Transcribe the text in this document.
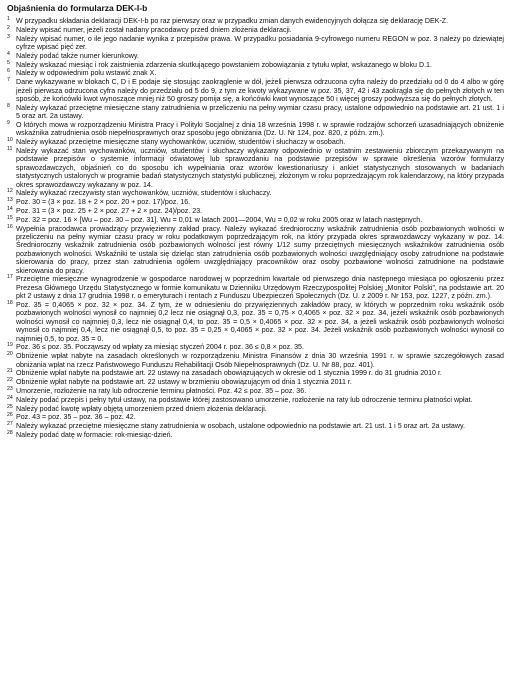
Objaśnienia do formularza DEK-I-b
1 W przypadku składania deklaracji DEK-I-b po raz pierwszy oraz w przypadku zmian danych ewidencyjnych dołącza się deklarację DEK-Z.
2 Należy wpisać numer, jeżeli został nadany pracodawcy przed dniem złożenia deklaracji.
3 Należy wpisać numer, o ile jego nadanie wynika z przepisów prawa. W przypadku posiadania 9-cyfrowego numeru REGON w poz. 3 należy po dziewiątej cyfrze wpisać pięć zer.
4 Należy podać także numer kierunkowy.
5 Należy wskazać miesiąc i rok zaistnienia zdarzenia skutkującego powstaniem zobowiązania z tytułu wpłat, wskazanego w bloku D.1.
6 Należy w odpowiednim polu wstawić znak X.
7 Dane wykazywane w blokach C, D i E podaje się stosując zaokrąglenie w dół, jeżeli pierwsza odrzucona cyfra należy do przedziału od 0 do 4 albo w górę jeżeli pierwsza odrzucona cyfra należy do przedziału od 5 do 9, z tym że kwoty wykazywane w poz. 35, 37, 42 i 43 zaokrągla się do pełnych złotych w ten sposób, że końcówki kwot wynoszące mniej niż 50 groszy pomija się, a końcówki kwot wynoszące 50 i więcej groszy podwyższa się do pełnych złotych.
8 Należy wykazać przeciętne miesięczne stany zatrudnienia w przeliczeniu na pełny wymiar czasu pracy, ustalone odpowiednio na podstawie art. 21 ust. 1 i 5 oraz art. 2a ustawy.
9 O których mowa w rozporządzeniu Ministra Pracy i Polityki Socjalnej z dnia 18 września 1998 r. w sprawie rodzajów schorzeń uzasadniających obniżenie wskaźnika zatrudnienia osób niepełnosprawnych oraz sposobu jego obniżania (Dz. U. Nr 124, poz. 820, z późn. zm.).
10 Należy wykazać przeciętne miesięczne stany wychowanków, uczniów, studentów i słuchaczy w osobach.
11 Należy wykazać stan wychowanków, uczniów, studentów i słuchaczy wykazany odpowiednio w ostatnim zestawieniu zbiorczym przekazywanym na podstawie przepisów o systemie informacji oświatowej lub sprawozdaniu na podstawie przepisów w sprawie określenia wzorów formularzy sprawozdawczych, objaśnień co do sposobu ich wypełniania oraz wzorów kwestionariuszy i ankiet statystycznych stosowanych w badaniach statystycznych ustalonych w programie badań statystycznych statystyki publicznej, złożonym w roku poprzedzającym rok kalendarzowy, na który przypada okres sprawozdawczy wykazany w poz. 14.
12 Należy wykazać rzeczywisty stan wychowanków, uczniów, studentów i słuchaczy.
13 Poz. 30 = (3 × poz. 18 + 2 × poz. 20 + poz. 17)/poz. 16.
14 Poz. 31 = (3 × poz. 25 + 2 × poz. 27 + 2 × poz. 24)/poz. 23.
15 Poz. 32 = poz. 16 × [Wu – poz. 30 – poz. 31]. Wu = 0,01 w latach 2001—2004, Wu = 0,02 w roku 2005 oraz w latach następnych.
16 Wypełnia pracodawca prowadzący przywięzienny zakład pracy. Należy wykazać średnioroczny wskaźnik zatrudnienia osób pozbawionych wolności w przeliczeniu na pełny wymiar czasu pracy w roku podatkowym poprzedzającym rok, na który przypada okres sprawozdawczy wykazany w poz. 14. Średnioroczny wskaźnik zatrudnienia osób pozbawionych wolności jest równy 1/12 sumy przeciętnych miesięcznych wskaźników zatrudnienia osób pozbawionych wolności. Wskaźniki te ustala się dzieląc stan zatrudnienia osób pozbawionych wolności uwzględniający osoby zatrudnione na podstawie skierowania do pracy, przez stan zatrudnienia ogółem uwzględniający pracowników oraz osoby pozbawione wolności zatrudnione na podstawie skierowania do pracy.
17 Przeciętne miesięczne wynagrodzenie w gospodarce narodowej w poprzednim kwartale od pierwszego dnia następnego miesiąca po ogłoszeniu przez Prezesa Głównego Urzędu Statystycznego w formie komunikatu w Dzienniku Urzędowym Rzeczypospolitej Polskiej „Monitor Polski”, na podstawie art. 20 pkt 2 ustawy z dnia 17 grudnia 1998 r. o emeryturach i rentach z Funduszu Ubezpieczeń Społecznych (Dz. U. z 2009 r. Nr 153, poz. 1227, z późn. zm.).
18 Poz. 35 = 0,4065 × poz. 32 × poz. 34. Z tym, że w odniesieniu do przywięziennych zakładów pracy, w których w poprzednim roku wskaźnik osób pozbawionych wolności wynosił co najmniej 0,2 lecz nie osiągnął 0,3, poz. 35 = 0,75 × 0,4065 × poz. 32 × poz. 34, jeżeli wskaźnik osób pozbawionych wolności wynosił co najmniej 0,3, lecz nie osiągnął 0,4, to poz. 35 = 0,5 × 0,4065 × poz. 32 × poz. 34, a jeżeli wskaźnik osób pozbawionych wolności wynosił co najmniej 0,4, lecz nie osiągnął 0,5, to poz. 35 = 0,25 × 0,4065 × poz. 32 × poz. 34. Jeżeli wskaźnik osób pozbawionych wolności wynosił co najmniej 0,5, to poz. 35 = 0.
19 Poz. 36 ≤ poz. 35. Począwszy od wpłaty za miesiąc styczeń 2004 r. poz. 36 ≤ 0,8 × poz. 35.
20 Obniżenie wpłat nabyte na zasadach określonych w rozporządzeniu Ministra Finansów z dnia 30 września 1991 r. w sprawie szczegółowych zasad obniżania wpłat na rzecz Państwowego Funduszu Rehabilitacji Osób Niepełnosprawnych (Dz. U. Nr 88, poz. 401).
21 Obniżenie wpłat nabyte na podstawie art. 22 ustawy na zasadach obowiązujących w okresie od 1 stycznia 1999 r. do 31 grudnia 2010 r.
22 Obniżenie wpłat nabyte na podstawie art. 22 ustawy w brzmieniu obowiązującym od dnia 1 stycznia 2011 r.
23 Umorzenie, rozłożenie na raty lub odroczenie terminu płatności. Poz. 42 ≤ poz. 35 – poz. 36.
24 Należy podać przepis i pełny tytuł ustawy, na podstawie której zastosowano umorzenie, rozłożenie na raty lub odroczenie terminu płatności wpłat.
25 Należy podać kwotę wpłaty objętą umorzeniem przed dniem złożenia deklaracji.
26 Poz. 43 = poz. 35 – poz. 36 – poz. 42.
27 Należy wykazać przeciętne miesięczne stany zatrudnienia w osobach, ustalone odpowiednio na podstawie art. 21 ust. 1 i 5 oraz art. 2a ustawy.
28 Należy podać datę w formacie: rok-miesiąc-dzień.
